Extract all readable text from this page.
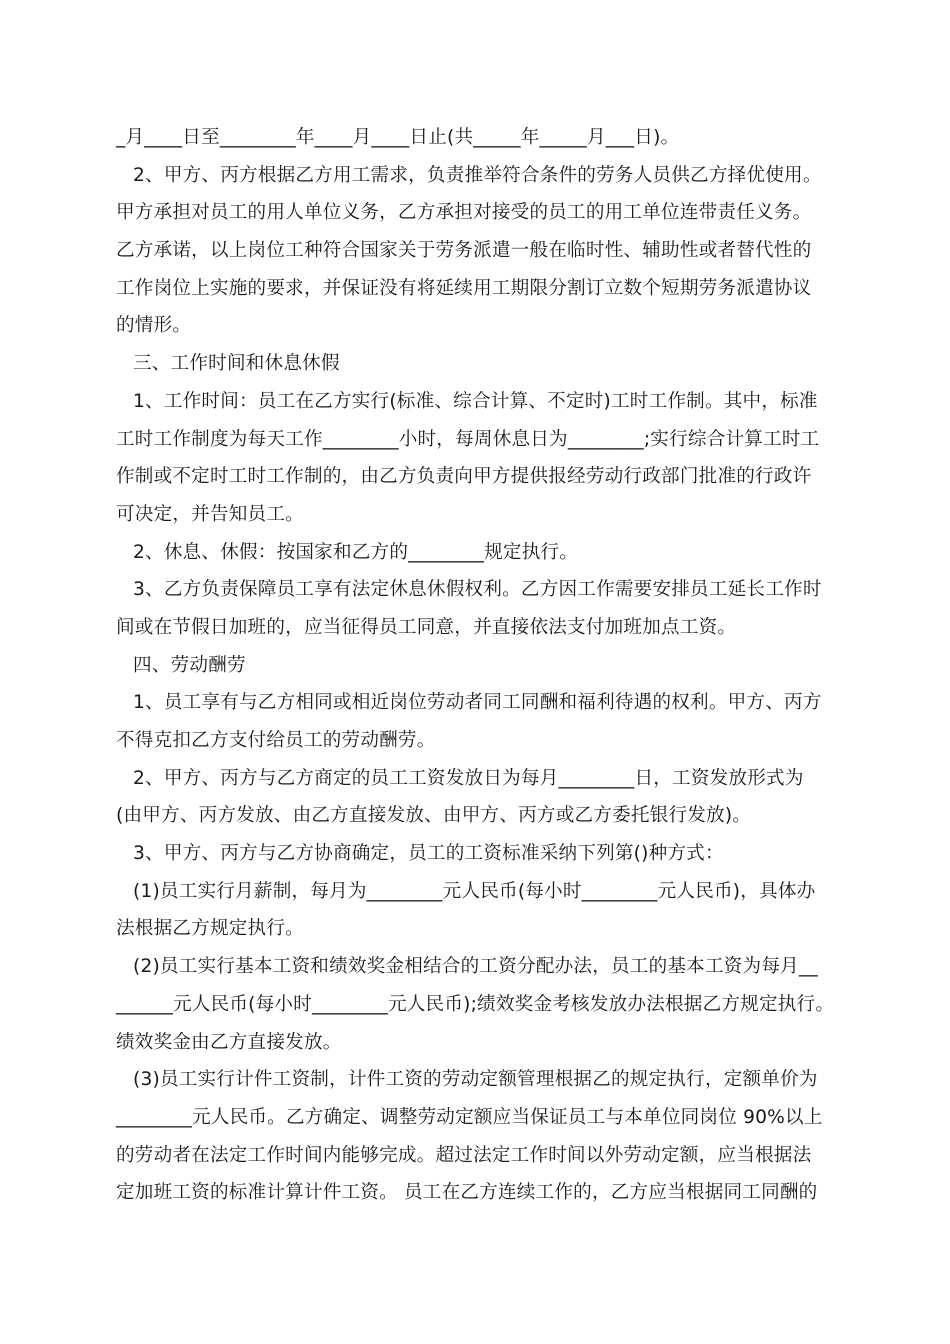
_月____日至________年____月____日止(共_____年_____月___日)。

2、甲方、丙方根据乙方用工需求，负责推举符合条件的劳务人员供乙方择优使用。

甲方承担对员工的用人单位义务，乙方承担对接受的员工的用工单位连带责任义务。

乙方承诺，以上岗位工种符合国家关于劳务派遣一般在临时性、辅助性或者替代性的

工作岗位上实施的要求，并保证没有将延续用工期限分割订立数个短期劳务派遣协议

的情形。

三、工作时间和休息休假

1、工作时间：员工在乙方实行(标准、综合计算、不定时)工时工作制。其中，标准

工时工作制度为每天工作________小时，每周休息日为________;实行综合计算工时工

作制或不定时工时工作制的，由乙方负责向甲方提供报经劳动行政部门批准的行政许

可决定，并告知员工。

2、休息、休假：按国家和乙方的________规定执行。

3、乙方负责保障员工享有法定休息休假权利。乙方因工作需要安排员工延长工作时

间或在节假日加班的，应当征得员工同意，并直接依法支付加班加点工资。

四、劳动酬劳

1、员工享有与乙方相同或相近岗位劳动者同工同酬和福利待遇的权利。甲方、丙方

不得克扣乙方支付给员工的劳动酬劳。

2、甲方、丙方与乙方商定的员工工资发放日为每月________日，工资发放形式为

(由甲方、丙方发放、由乙方直接发放、由甲方、丙方或乙方委托银行发放)。

3、甲方、丙方与乙方协商确定，员工的工资标准采纳下列第()种方式：

(1)员工实行月薪制，每月为________元人民币(每小时________元人民币)，具体办

法根据乙方规定执行。

(2)员工实行基本工资和绩效奖金相结合的工资分配办法，员工的基本工资为每月__

______元人民币(每小时________元人民币);绩效奖金考核发放办法根据乙方规定执行。

绩效奖金由乙方直接发放。

(3)员工实行计件工资制，计件工资的劳动定额管理根据乙的规定执行，定额单价为

________元人民币。乙方确定、调整劳动定额应当保证员工与本单位同岗位 90%以上

的劳动者在法定工作时间内能够完成。超过法定工作时间以外劳动定额，应当根据法

定加班工资的标准计算计件工资。 员工在乙方连续工作的，乙方应当根据同工同酬的
